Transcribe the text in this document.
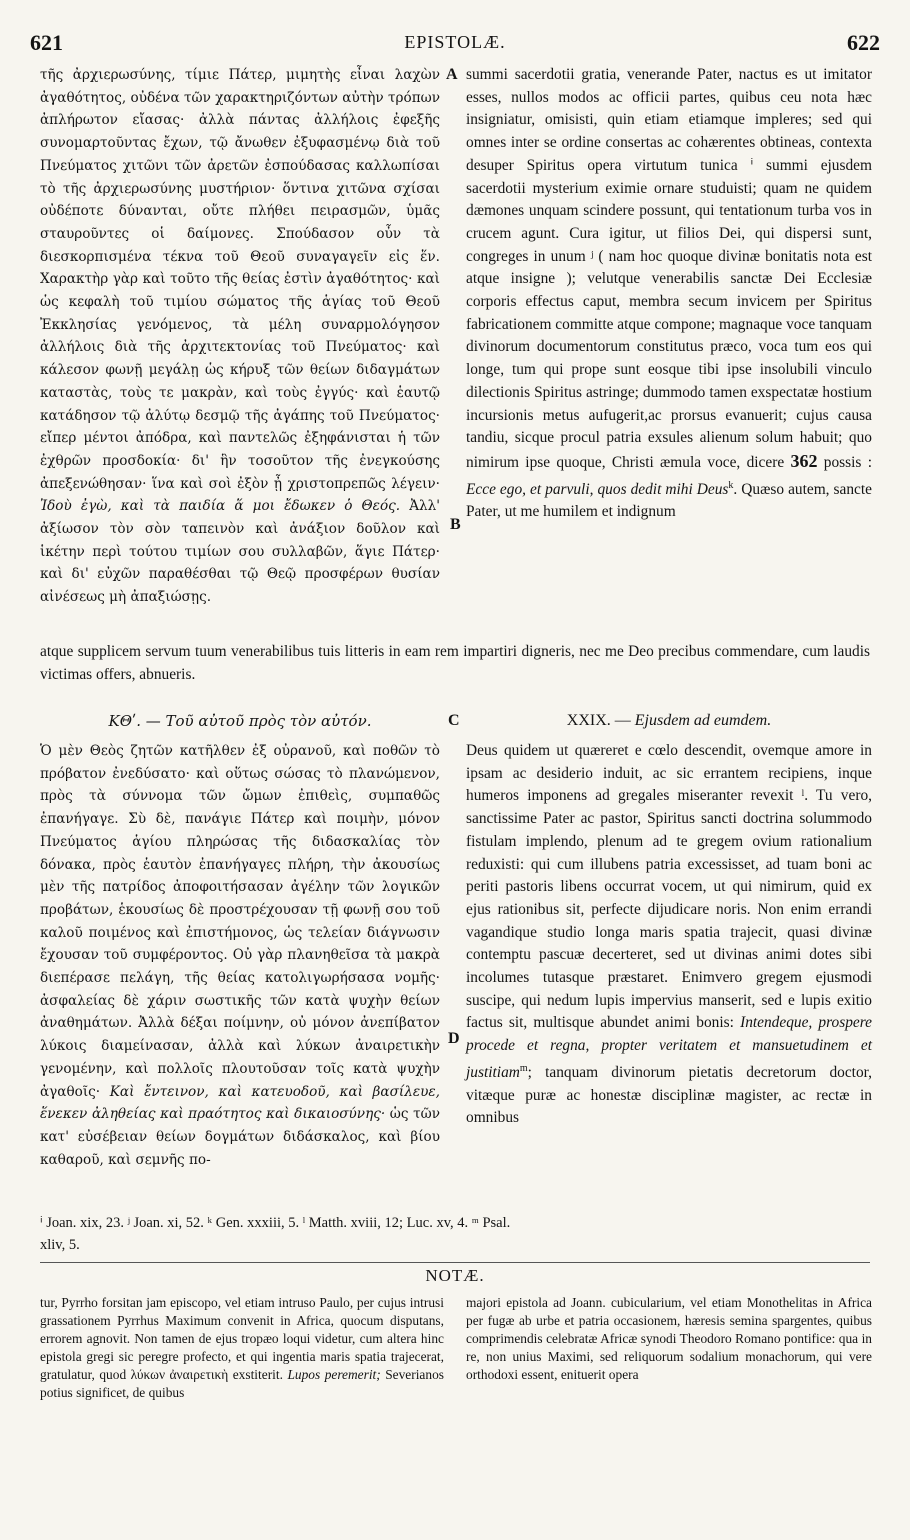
621	EPISTOLÆ.	622

τῆς ἀρχιερωσύνης, τίμιε Πάτερ, μιμητὴς εἶναι λαχὼν ἀγαθότητος, οὐδένα τῶν χαρακτηριζόντων αὐτὴν τρόπων ἀπλήρωτον εἴασας· ἀλλὰ πάντας ἀλλήλοις ἐφεξῆς συνομαρτοῦντας ἔχων, τῷ ἄνωθεν ἐξυφασμένῳ διὰ τοῦ Πνεύματος χιτῶνι τῶν ἀρετῶν ἐσπούδασας καλλωπίσαι τὸ τῆς ἀρχιερωσύνης μυστήριον· ὅντινα χιτῶνα σχίσαι οὐδέποτε δύνανται, οὔτε πλήθει πειρασμῶν, ὑμᾶς σταυροῦντες οἱ δαίμονες. Σπούδασον οὖν τὰ διεσκορπισμένα τέκνα τοῦ Θεοῦ συναγαγεῖν εἰς ἕν. Χαρακτὴρ γὰρ καὶ τοῦτο τῆς θείας ἐστὶν ἀγαθότητος· καὶ ὡς κεφαλὴ τοῦ τιμίου σώματος τῆς ἁγίας τοῦ Θεοῦ Ἐκκλησίας γενόμενος, τὰ μέλη συναρμολόγησον ἀλλήλοις διὰ τῆς ἀρχιτεκτονίας τοῦ Πνεύματος· καὶ κάλεσον φωνῇ μεγάλῃ ὡς κήρυξ τῶν θείων διδαγμάτων καταστὰς, τοὺς τε μακρὰν, καὶ τοὺς ἐγγύς· καὶ ἑαυτῷ κατάδησον τῷ ἀλύτῳ δεσμῷ τῆς ἀγάπης τοῦ Πνεύματος· εἴπερ μέντοι ἀπόδρα, καὶ παντελῶς ἐξηφάνισται ἡ τῶν ἐχθρῶν προσδοκία· δι' ἣν τοσοῦτον τῆς ἐνεγκούσης ἀπεξενώθησαν· ἵνα καὶ σοὶ ἐξὸν ᾖ χριστοπρεπῶς λέγειν· Ἰδοὺ ἐγὼ, καὶ τὰ παιδία ἅ μοι ἔδωκεν ὁ Θεός. Ἀλλ' ἀξίωσον τὸν σὸν ταπεινὸν καὶ ἀνάξιον δοῦλον καὶ ἱκέτην περὶ τούτου τιμίων σου συλλαβῶν, ἅγιε Πάτερ· καὶ δι' εὐχῶν παραθέσθαι τῷ Θεῷ προσφέρων θυσίαν αἰνέσεως μὴ ἀπαξιώσῃς.

A
B

summi sacerdotii gratia, venerande Pater, nactus es ut imitator esses, nullos modos ac officii partes, quibus ceu nota hæc insigniatur, omisisti, quin etiam etiamque impleres; sed qui omnes inter se ordine consertas ac cohærentes obtineas, contexta desuper Spiritus opera virtutum tunica ⁱ summi ejusdem sacerdotii mysterium eximie ornare studuisti; quam ne quidem dæmones unquam scindere possunt, qui tentationum turba vos in crucem agunt. Cura igitur, ut filios Dei, qui dispersi sunt, congreges in unum ʲ ( nam hoc quoque divinæ bonitatis nota est atque insigne ); velutque venerabilis sanctæ Dei Ecclesiæ corporis effectus caput, membra secum invicem per Spiritus fabricationem committe atque compone; magnaque voce tanquam divinorum documentorum constitutus præco, voca tum eos qui longe, tum qui prope sunt eosque tibi ipse insolubili vinculo dilectionis Spiritus astringe; dummodo tamen exspectatæ hostium incursionis metus aufugerit,ac prorsus evanuerit; cujus causa tandiu, sicque procul patria exsules alienum solum habuit; quo nimirum ipse quoque, Christi æmula voce, dicere 362 possis : Ecce ego, et parvuli, quos dedit mihi Deus$^k$. Quæso autem, sancte Pater, ut me humilem et indignum

atque supplicem servum tuum venerabilibus tuis litteris in eam rem impartiri digneris, nec me Deo precibus commendare, cum laudis victimas offers, abnueris.
ΚΘʹ. — Τοῦ αὐτοῦ πρὸς τὸν αὐτόν.	C	XXIX. — Ejusdem ad eumdem.

Ὁ μὲν Θεὸς ζητῶν κατῆλθεν ἐξ οὐρανοῦ, καὶ ποθῶν τὸ πρόβατον ἐνεδύσατο· καὶ οὕτως σώσας τὸ πλανώμενον, πρὸς τὰ σύννομα τῶν ὤμων ἐπιθεὶς, συμπαθῶς ἐπανήγαγε. Σὺ δὲ, πανάγιε Πάτερ καὶ ποιμὴν, μόνον Πνεύματος ἁγίου πληρώσας τῆς διδασκαλίας τὸν δόνακα, πρὸς ἑαυτὸν ἐπανήγαγες πλήρη, τὴν ἀκουσίως μὲν τῆς πατρίδος ἀποφοιτήσασαν ἀγέλην τῶν λογικῶν προβάτων, ἑκουσίως δὲ προστρέχουσαν τῇ φωνῇ σου τοῦ καλοῦ ποιμένος καὶ ἐπιστήμονος, ὡς τελείαν διάγνωσιν ἔχουσαν τοῦ συμφέροντος. Οὐ γὰρ πλανηθεῖσα τὰ μακρὰ διεπέρασε πελάγη, τῆς θείας κατολιγωρήσασα νομῆς· ἀσφαλείας δὲ χάριν σωστικῆς τῶν κατὰ ψυχὴν θείων ἀναθημάτων. Ἀλλὰ δέξαι ποίμνην, οὐ μόνον ἀνεπίβατον λύκοις διαμείνασαν, ἀλλὰ καὶ λύκων ἀναιρετικὴν γενομένην, καὶ πολλοῖς πλουτοῦσαν τοῖς κατὰ ψυχὴν ἀγαθοῖς· Καὶ ἔντεινον, καὶ κατευοδοῦ, καὶ βασίλευε, ἕνεκεν ἀληθείας καὶ πραότητος καὶ δικαιοσύνης· ὡς τῶν κατ' εὐσέβειαν θείων δογμάτων διδάσκαλος, καὶ βίου καθαροῦ, καὶ σεμνῆς πο-

D

Deus quidem ut quæreret e cœlo descendit, ovemque amore in ipsam ac desiderio induit, ac sic errantem recipiens, inque humeros imponens ad gregales miseranter revexit ˡ. Tu vero, sanctissime Pater ac pastor, Spiritus sancti doctrina solummodo fistulam implendo, plenum ad te gregem ovium rationalium reduxisti: qui cum illubens patria excessisset, ad tuam boni ac periti pastoris libens occurrat vocem, ut qui nimirum, quid ex ejus rationibus sit, perfecte dijudicare noris. Non enim errandi vagandique studio longa maris spatia trajecit, quasi divinæ contemptu pascuæ decerteret, sed ut divinas animi dotes sibi incolumes tutasque præstaret. Enimvero gregem ejusmodi suscipe, qui nedum lupis impervius manserit, sed e lupis exitio factus sit, multisque abundet animi bonis: Intendeque, prospere procede et regna, propter veritatem et mansuetudinem et justitiam$^m$; tanquam divinorum pietatis decretorum doctor, vitæque puræ ac honestæ disciplinæ magister, ac rectæ in omnibus

ⁱ Joan. xix, 23. ʲ Joan. xi, 52. ᵏ Gen. xxxiii, 5. ˡ Matth. xviii, 12; Luc. xv, 4. ᵐ Psal.
xliv, 5.
NOTÆ.
tur, Pyrrho forsitan jam episcopo, vel etiam intruso Paulo, per cujus intrusi grassationem Pyrrhus Maximum convenit in Africa, quocum disputans, errorem agnovit. Non tamen de ejus tropæo loqui videtur, cum altera hinc epistola gregi sic peregre profecto, et qui ingentia maris spatia trajecerat, gratulatur, quod λύκων ἀναιρετικὴ exstiterit. Lupos peremerit; Severianos potius significet, de quibus
majori epistola ad Joann. cubicularium, vel etiam Monothelitas in Africa per fugæ ab urbe et patria occasionem, hæresis semina spargentes, quibus comprimendis celebratæ Africæ synodi Theodoro Romano pontifice: qua in re, non unius Maximi, sed reliquorum sodalium monachorum, qui vere orthodoxi essent, enituerit opera
